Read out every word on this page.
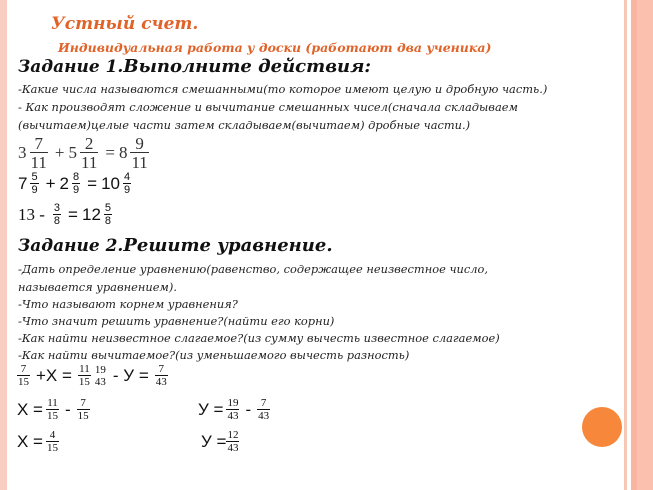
Устный счет.
Индивидуальная работа у доски (работают два ученика)
Задание 1.Выполните действия:
-Какие числа называются смешанными(то которое имеют целую и дробную часть.)
- Как производят сложение и вычитание смешанных чисел(сначала складываем
(вычитаем)целые части затем складываем(вычитаем) дробные части.)
$3 \frac{7}{11} + 5 \frac{2}{11} = 8 \frac{9}{11}$
$7 \frac{5}{9} + 2 \frac{8}{9} = 10 \frac{4}{9}$
$13 - \frac{3}{8} = 12 \frac{5}{8}$
Задание 2.Решите уравнение.
-Дать определение уравнению(равенство, содержащее неизвестное число,
называется уравнением).
-Что называют корнем уравнения?
-Что значит решить уравнение?(найти его корни)
-Как найти неизвестное слагаемое?(из сумму вычесть известное слагаемое)
-Как найти вычитаемое?(из уменьшаемого вычесть разность)
$\frac{7}{15} +X = \frac{11}{15} 19$
$43 - У = \frac{7}{43}$
$X = \frac{11}{15} - \frac{7}{15}$	$У = \frac{19}{43} - \frac{7}{43}$
$X = \frac{4}{15}$	$У = \frac{12}{43}$
